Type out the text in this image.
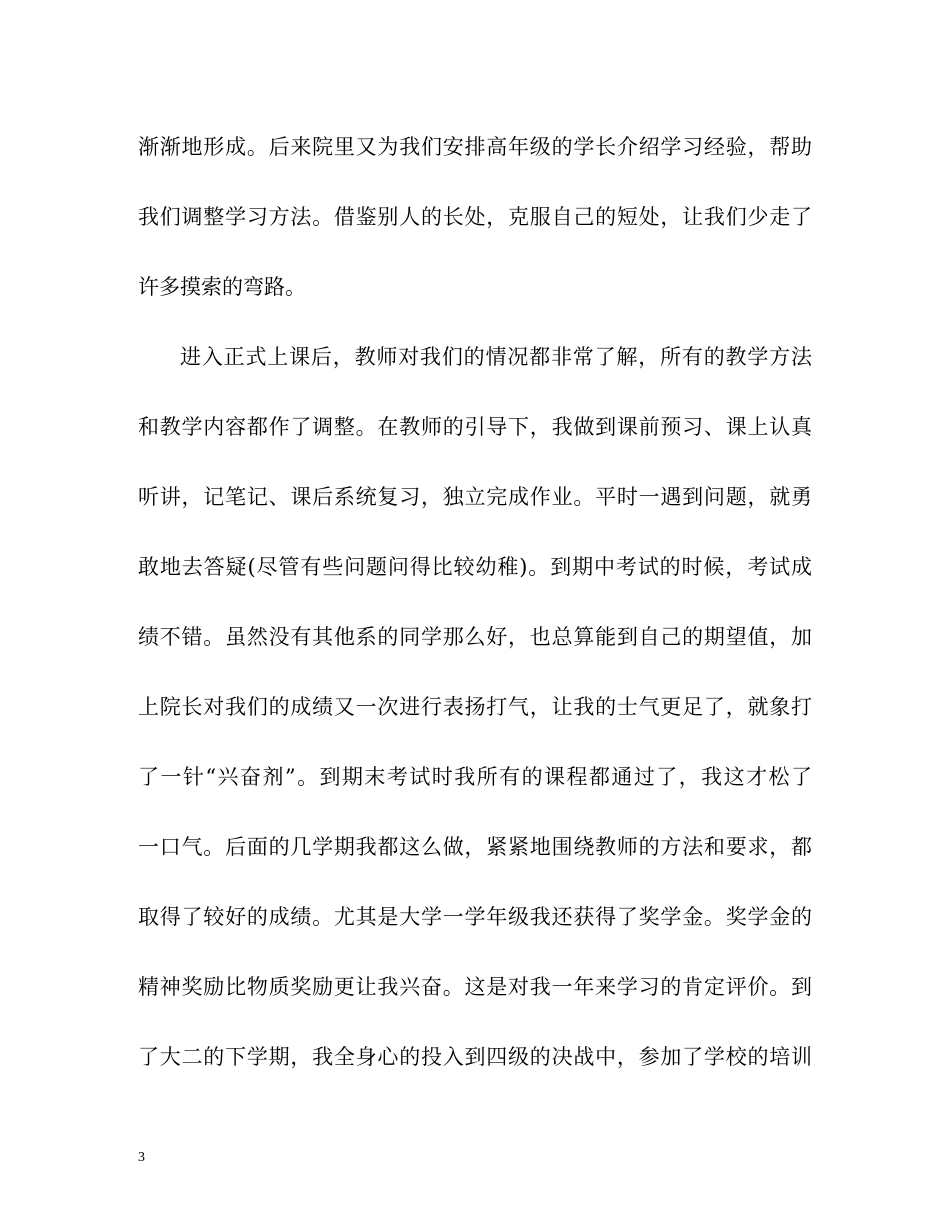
渐渐地形成。后来院里又为我们安排高年级的学长介绍学习经验，帮助
我们调整学习方法。借鉴别人的长处，克服自己的短处，让我们少走了
许多摸索的弯路。
进入正式上课后，教师对我们的情况都非常了解，所有的教学方法
和教学内容都作了调整。在教师的引导下，我做到课前预习、课上认真
听讲，记笔记、课后系统复习，独立完成作业。平时一遇到问题，就勇
敢地去答疑(尽管有些问题问得比较幼稚)。到期中考试的时候，考试成
绩不错。虽然没有其他系的同学那么好，也总算能到自己的期望值，加
上院长对我们的成绩又一次进行表扬打气，让我的士气更足了，就象打
了一针“兴奋剂”。到期末考试时我所有的课程都通过了，我这才松了
一口气。后面的几学期我都这么做，紧紧地围绕教师的方法和要求，都
取得了较好的成绩。尤其是大学一学年级我还获得了奖学金。奖学金的
精神奖励比物质奖励更让我兴奋。这是对我一年来学习的肯定评价。到
了大二的下学期，我全身心的投入到四级的决战中，参加了学校的培训
3
